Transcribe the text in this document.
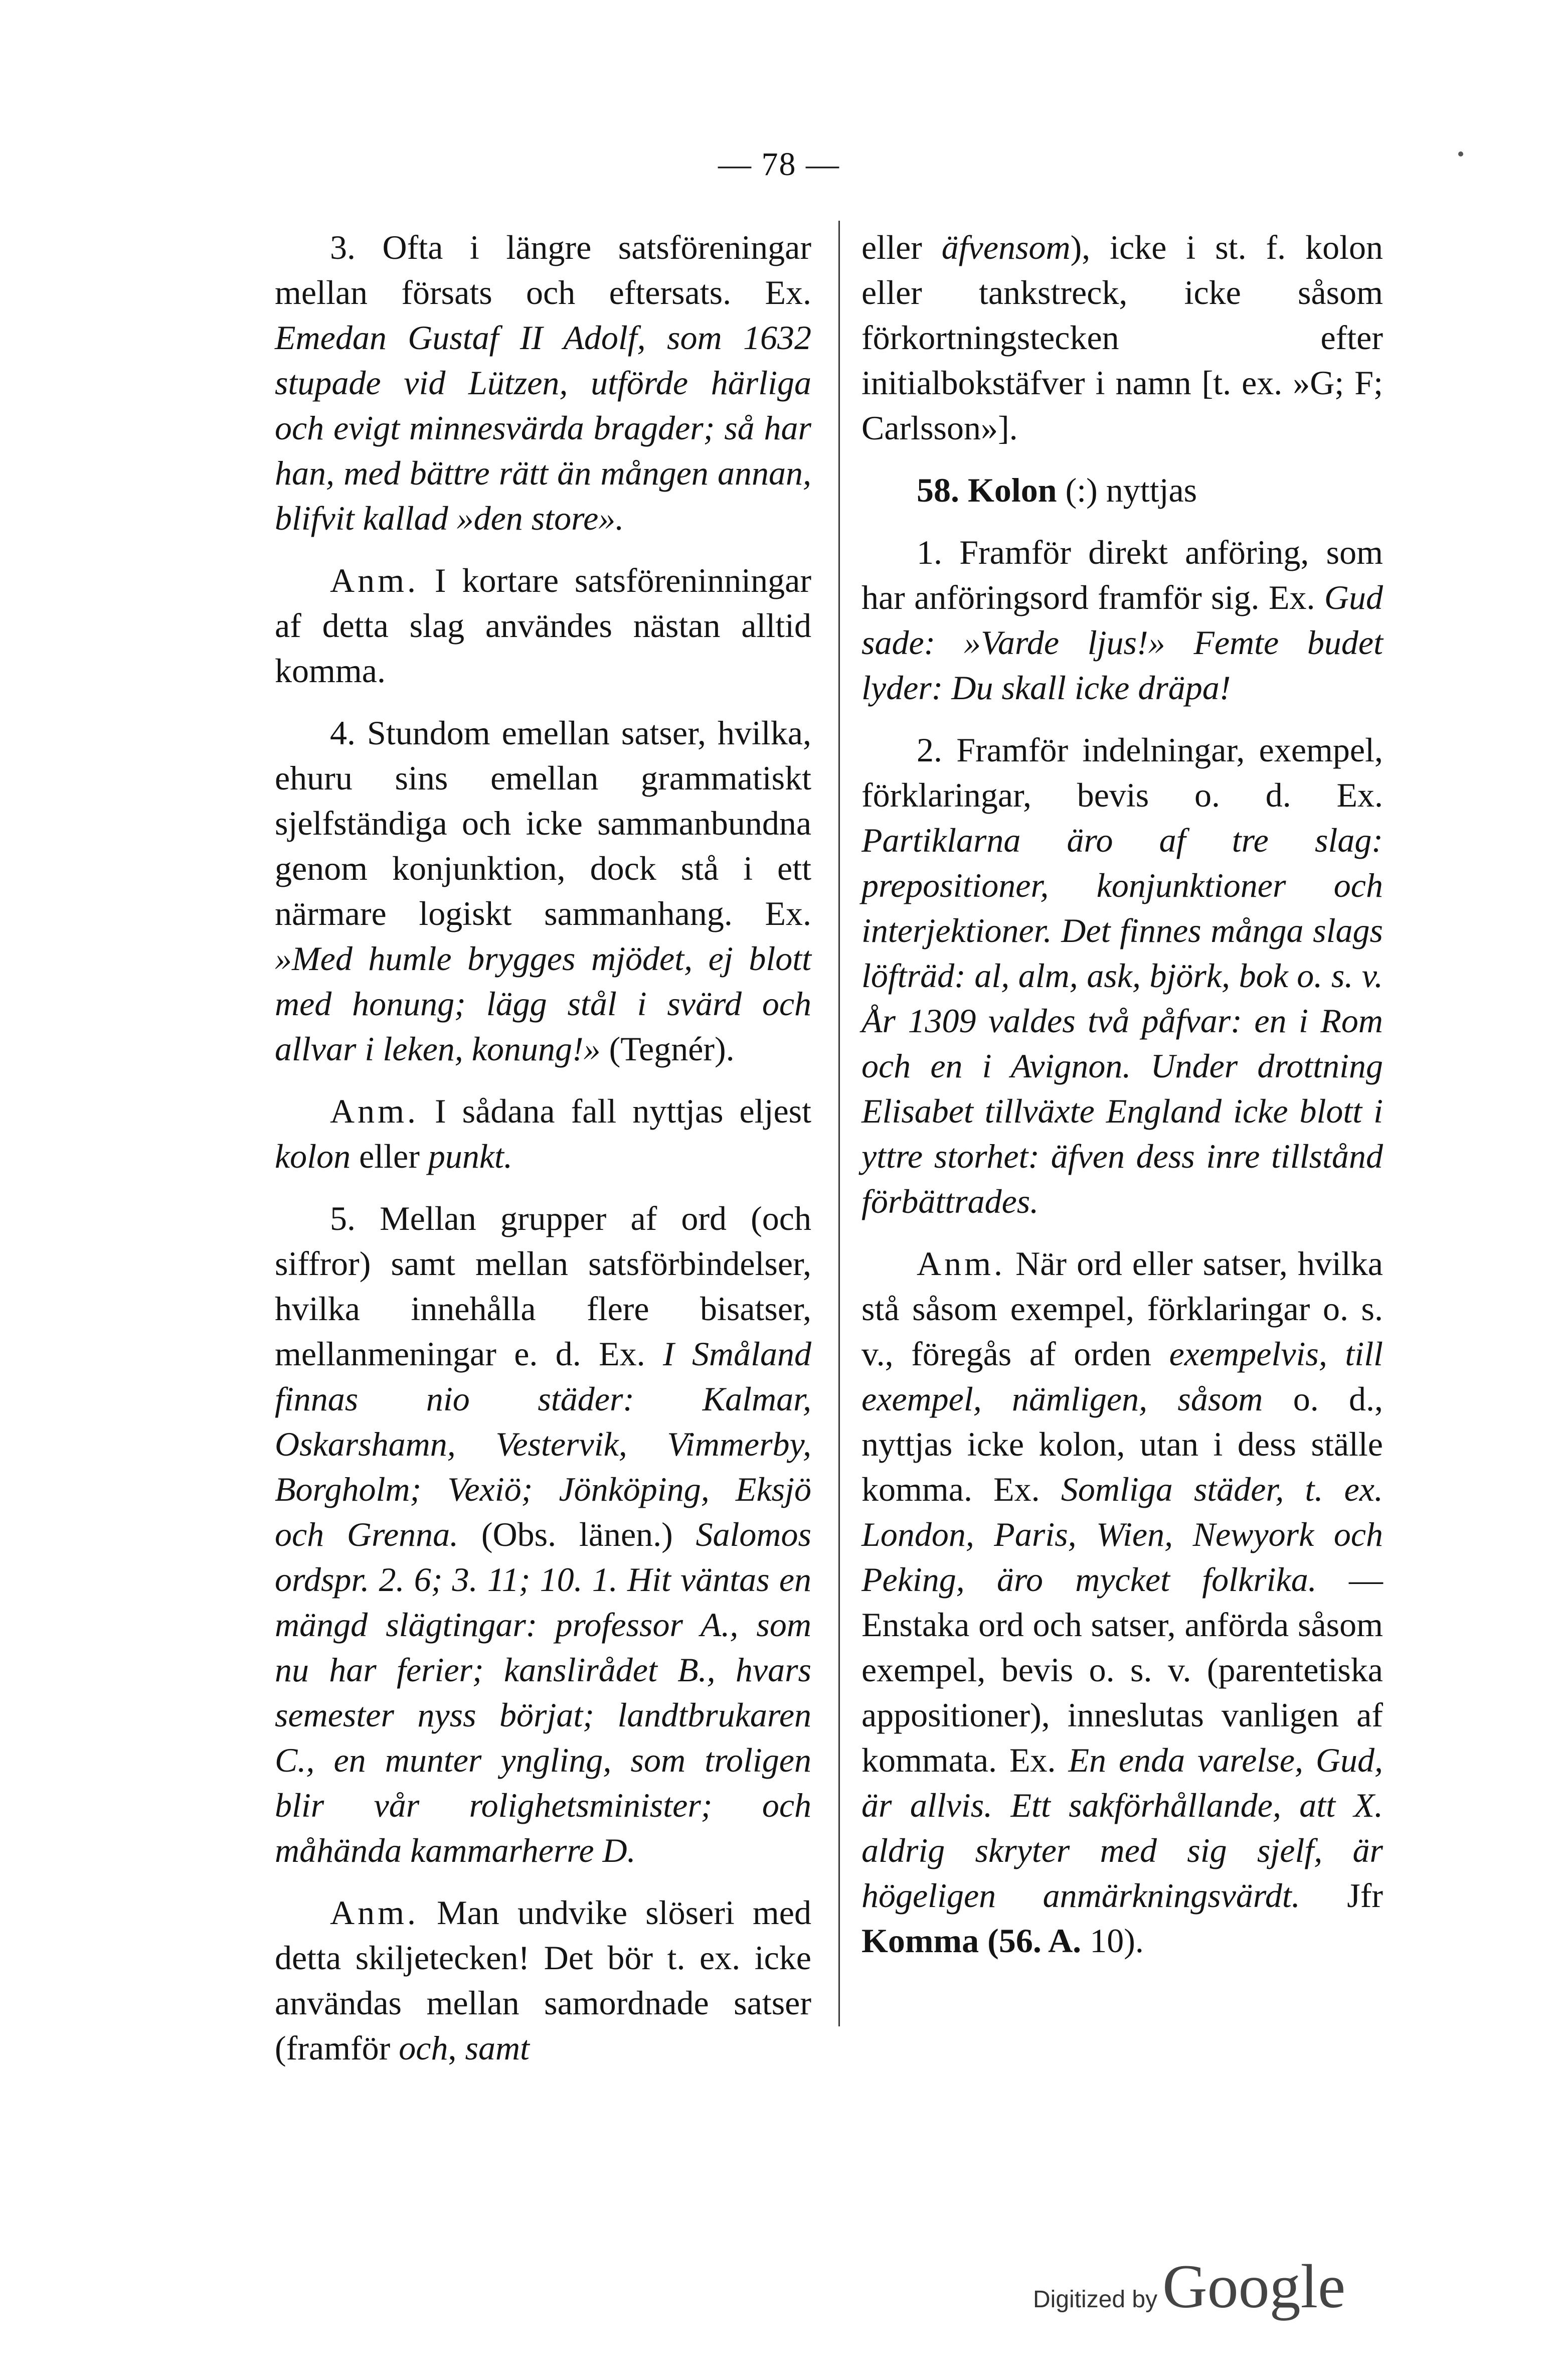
— 78 —

3. Ofta i längre satsföreningar mellan försats och eftersats. Ex. Emedan Gustaf II Adolf, som 1632 stupade vid Lützen, utförde härliga och evigt minnesvärda bragder; så har han, med bättre rätt än mången annan, blifvit kallad »den store».

Anm. I kortare satsföreninningar af detta slag användes nästan alltid komma.

4. Stundom emellan satser, hvilka, ehuru sins emellan grammatiskt sjelfständiga och icke sammanbundna genom konjunktion, dock stå i ett närmare logiskt sammanhang. Ex. »Med humle brygges mjödet, ej blott med honung; lägg stål i svärd och allvar i leken, konung!» (Tegnér).

Anm. I sådana fall nyttjas eljest kolon eller punkt.

5. Mellan grupper af ord (och siffror) samt mellan satsförbindelser, hvilka innehålla flere bisatser, mellanmeningar e. d. Ex. I Småland finnas nio städer: Kalmar, Oskarshamn, Vestervik, Vimmerby, Borgholm; Vexiö; Jönköping, Eksjö och Grenna. (Obs. länen.) Salomos ordspr. 2. 6; 3. 11; 10. 1. Hit väntas en mängd slägtingar: professor A., som nu har ferier; kanslirådet B., hvars semester nyss börjat; landtbrukaren C., en munter yngling, som troligen blir vår rolighetsminister; och måhända kammarherre D.

Anm. Man undvike slöseri med detta skiljetecken! Det bör t. ex. icke användas mellan samordnade satser (framför och, samt

eller äfvensom), icke i st. f. kolon eller tankstreck, icke såsom förkortningstecken efter initialbokstäfver i namn [t. ex. »G; F; Carlsson»].

58. Kolon (:) nyttjas

1. Framför direkt anföring, som har anföringsord framför sig. Ex. Gud sade: »Varde ljus!» Femte budet lyder: Du skall icke dräpa!

2. Framför indelningar, exempel, förklaringar, bevis o. d. Ex. Partiklarna äro af tre slag: prepositioner, konjunktioner och interjektioner. Det finnes många slags löfträd: al, alm, ask, björk, bok o. s. v. År 1309 valdes två påfvar: en i Rom och en i Avignon. Under drottning Elisabet tillväxte England icke blott i yttre storhet: äfven dess inre tillstånd förbättrades.

Anm. När ord eller satser, hvilka stå såsom exempel, förklaringar o. s. v., föregås af orden exempelvis, till exempel, nämligen, såsom o. d., nyttjas icke kolon, utan i dess ställe komma. Ex. Somliga städer, t. ex. London, Paris, Wien, Newyork och Peking, äro mycket folkrika. — Enstaka ord och satser, anförda såsom exempel, bevis o. s. v. (parentetiska appositioner), inneslutas vanligen af kommata. Ex. En enda varelse, Gud, är allvis. Ett sakförhållande, att X. aldrig skryter med sig sjelf, är högeligen anmärkningsvärdt. Jfr Komma (56. A. 10).

Digitized by Google
